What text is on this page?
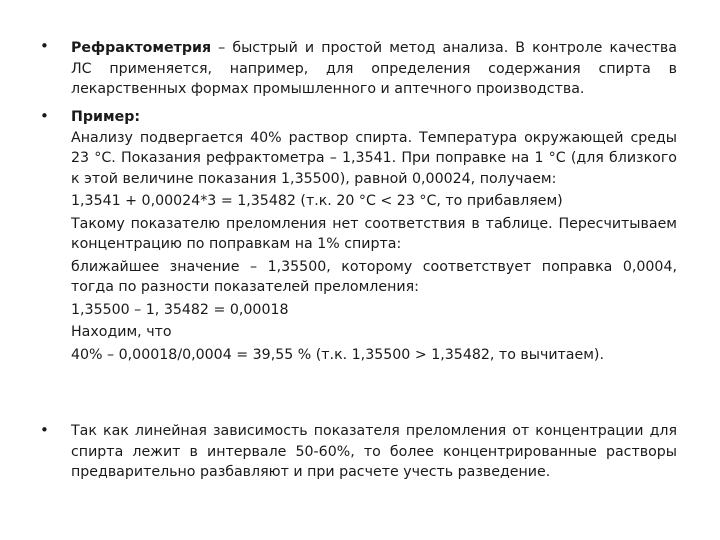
• Рефрактометрия – быстрый и простой метод анализа. В контроле качества ЛС применяется, например, для определения содержания спирта в лекарственных формах промышленного и аптечного производства.
• Пример:
Анализу подвергается 40% раствор спирта. Температура окружающей среды 23 °С. Показания рефрактометра – 1,3541. При поправке на 1 °С (для близкого к этой величине показания 1,35500), равной 0,00024, получаем:
1,3541 + 0,00024*3 = 1,35482 (т.к. 20 °С < 23 °С, то прибавляем)
Такому показателю преломления нет соответствия в таблице. Пересчитываем концентрацию по поправкам на 1% спирта:
ближайшее значение – 1,35500, которому соответствует поправка 0,0004, тогда по разности показателей преломления:
1,35500 – 1, 35482 = 0,00018
Находим, что
40% – 0,00018/0,0004 = 39,55 % (т.к. 1,35500 > 1,35482, то вычитаем).
• Так как линейная зависимость показателя преломления от концентрации для спирта лежит в интервале 50-60%, то более концентрированные растворы предварительно разбавляют и при расчете учесть разведение.
